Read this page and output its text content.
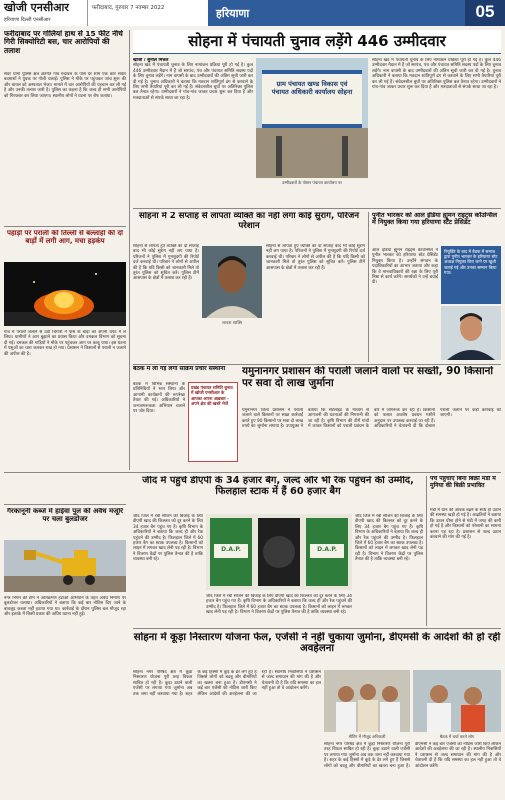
खोजी एनसीआर
हरियाणा दिल्ली एनसीआर
फरीदाबाद, गुरुवार 7 नवम्बर 2022	हरियाणा	05
फरीदाबाद पर गोलियां हाथ से 15 फीट नीचे गिरी सिक्योरिटी बस, चार आरोपियों की तलाश
सदर थाना पुलिस क्षेत्र अंतर्गत गांव रुदावल के पास देर शाम एक कार सवार बदमाशों ने युवक पर गोली चलाई। पुलिस ने मौके पर पहुंचकर जांच शुरू की और घायल को अस्पताल भेजा। मामले में चार आरोपियों की पहचान कर ली गई है और उनकी तलाश जारी है। पुलिस का कहना है कि जल्द ही सभी आरोपियों को गिरफ्तार कर लिया जाएगा। स्थानीय लोगों ने घटना पर रोष जताया।
पहाड़ों पर पराली की तिल्ली से बल्लाहों की दो बाड़ों में लगी आग, मचा हड़कंप
गांव में पराली जलाने से उठी चिंगारी ने पास के बाड़ों को अपनी चपेट में ले लिया। ग्रामीणों ने आग बुझाने का प्रयास किया और दमकल विभाग को सूचना दी गई। दमकल की गाड़ियों ने मौके पर पहुंचकर आग पर काबू पाया। इस घटना में पशुओं का चारा जलकर राख हो गया। प्रशासन ने किसानों से पराली न जलाने की अपील की है।
गैरकानूनी कब्जे में हाईवा पुल की अवैध मंजूरि पर चला बुलडोजर
नगर निगम की टीम ने अतिक्रमण हटाओ अभियान के तहत अवैध निर्माण पर बुलडोजर चलाया। अधिकारियों ने बताया कि कई बार नोटिस दिए जाने के बावजूद कब्जा नहीं हटाया गया था। कार्रवाई के दौरान पुलिस बल मौजूद रहा और इलाके में किसी प्रकार की अप्रिय घटना नहीं हुई।
सोहना में पंचायती चुनाव लड़ेंगे 446 उम्मीदवार
खोजी / सुनील मित्तल
सोहना खंड में पंचायती चुनाव के लिए नामांकन प्रक्रिया पूरी हो गई है। कुल 446 उम्मीदवार मैदान में हैं जो सरपंच, पंच और पंचायत समिति सदस्य पदों के लिए चुनाव लड़ेंगे। नाम वापसी के बाद उम्मीदवारों की अंतिम सूची जारी कर दी गई है। चुनाव अधिकारी ने बताया कि मतदान शांतिपूर्ण ढंग से करवाने के लिए सभी तैयारियां पूरी कर ली गई हैं। संवेदनशील बूथों पर अतिरिक्त पुलिस बल तैनात रहेगा। उम्मीदवारों ने गांव-गांव जाकर प्रचार शुरू कर दिया है और मतदाताओं से संपर्क साधा जा रहा है।
ग्राम पंचायत खण्ड विकास एवं पंचायत अधिकारी कार्यालय सोहना
उम्मीदवारों के पोस्टर पंचायत कार्यालय पर
सोहना खंड में पंचायती चुनाव के लिए नामांकन प्रक्रिया पूरी हो गई है। कुल 446 उम्मीदवार मैदान में हैं जो सरपंच, पंच और पंचायत समिति सदस्य पदों के लिए चुनाव लड़ेंगे। नाम वापसी के बाद उम्मीदवारों की अंतिम सूची जारी कर दी गई है। चुनाव अधिकारी ने बताया कि मतदान शांतिपूर्ण ढंग से करवाने के लिए सभी तैयारियां पूरी कर ली गई हैं। संवेदनशील बूथों पर अतिरिक्त पुलिस बल तैनात रहेगा। उम्मीदवारों ने गांव-गांव जाकर प्रचार शुरू कर दिया है और मतदाताओं से संपर्क साधा जा रहा है।
सोहना में 2 सप्ताह से लापता व्यक्ति का नहीं लगा कोई सुराग, परिजन परेशान
सोहना से लापता हुए व्यक्ति का दो सप्ताह बाद भी कोई सुराग नहीं लग पाया है। परिजनों ने पुलिस में गुमशुदगी की रिपोर्ट दर्ज करवाई थी। परिवार ने लोगों से अपील की है कि यदि किसी को जानकारी मिले तो तुरंत पुलिस को सूचित करें। पुलिस टीमें आसपास के क्षेत्रों में तलाश कर रही हैं।
लापता व्यक्ति
सोहना से लापता हुए व्यक्ति का दो सप्ताह बाद भी कोई सुराग नहीं लग पाया है। परिजनों ने पुलिस में गुमशुदगी की रिपोर्ट दर्ज करवाई थी। परिवार ने लोगों से अपील की है कि यदि किसी को जानकारी मिले तो तुरंत पुलिस को सूचित करें। पुलिस टीमें आसपास के क्षेत्रों में तलाश कर रही हैं।
पुनीत भारकर को आल इंडिया ह्यूमन राइट्स कॉउन्सिल में नियुक्त किया गया हरियाणा स्टेट प्रेसिडेंट
आल इंडिया ह्यूमन राइट्स कॉउन्सिल ने पुनीत भारकर को हरियाणा स्टेट प्रेसिडेंट नियुक्त किया है। उन्होंने संगठन के पदाधिकारियों का आभार जताया और कहा कि वे मानवाधिकारों की रक्षा के लिए पूरी निष्ठा से कार्य करेंगे। समर्थकों ने उन्हें बधाई दी।
नियुक्ति के बाद में बैठक में समाज द्वारा पुनीत भारकर के हरियाणा स्टेट अध्यक्ष नियुक्त किए जाने पर खुशी जताई गई और उनका सम्मान किया गया।
बैठक में ली गई लगा सक्रिय प्रचार संस्थानों
बैठक में विभिन्न संस्थानों के प्रतिनिधियों ने भाग लिया और आगामी कार्यक्रमों की रूपरेखा तैयार की गई। अधिकारियों ने जनजागरूकता अभियान चलाने पर जोर दिया।
प्रखंड पंचायत समिति चुनाव में खोजी एनसीआर के आपका अपना अख़बार - अपने क्षेत्र की खबरें भेजें
यमुनानगर प्रशासन की पराली जलाने वालों पर सख्ती, 90 किसानों पर सवा दो लाख जुर्माना
यमुनानगर जिला प्रशासन ने पराली जलाने वाले किसानों पर सख्त कार्रवाई करते हुए 90 किसानों पर सवा दो लाख रुपये का जुर्माना लगाया है। उपायुक्त ने बताया कि सैटेलाइट के माध्यम से आगजनी की घटनाओं की निगरानी की जा रही है। कृषि विभाग की टीमें गांवों में जाकर किसानों को पराली प्रबंधन के बारे में जागरूक कर रही हैं। किसानों को फसल अवशेष प्रबंधन मशीनें अनुदान पर उपलब्ध करवाई जा रही हैं। अधिकारियों ने चेतावनी दी कि दोबारा पराली जलाने पर कड़ी कार्रवाई की जाएगी।
जींद में पहुंचे डीएपी के 34 हजार बैग, जल्द और भी रैक पहुंचने की उम्मीद, फिलहाल स्टाक में हैं 60 हजार बैग
जींद जिले में रबी सीजन की बिजाई के लिए डीएपी खाद की किल्लत को दूर करने के लिए 34 हजार बैग पहुंच गए हैं। कृषि विभाग के अधिकारियों ने बताया कि जल्द ही और रैक पहुंचने की उम्मीद है। फिलहाल जिले में 60 हजार बैग का स्टाक उपलब्ध है। किसानों को लाइन में लगकर खाद लेनी पड़ रही है। विभाग ने वितरण केंद्रों पर पुलिस तैनात की है ताकि व्यवस्था बनी रहे।
D.A.P.	D.A.P.
जींद जिले में रबी सीजन की बिजाई के लिए डीएपी खाद की किल्लत को दूर करने के लिए 34 हजार बैग पहुंच गए हैं। कृषि विभाग के अधिकारियों ने बताया कि जल्द ही और रैक पहुंचने की उम्मीद है। फिलहाल जिले में 60 हजार बैग का स्टाक उपलब्ध है। किसानों को लाइन में लगकर खाद लेनी पड़ रही है। विभाग ने वितरण केंद्रों पर पुलिस तैनात की है ताकि व्यवस्था बनी रहे।
जींद जिले में रबी सीजन की बिजाई के लिए डीएपी खाद की किल्लत को दूर करने के लिए 34 हजार बैग पहुंच गए हैं। कृषि विभाग के अधिकारियों ने बताया कि जल्द ही और रैक पहुंचने की उम्मीद है। फिलहाल जिले में 60 हजार बैग का स्टाक उपलब्ध है। किसानों को लाइन में लगकर खाद लेनी पड़ रही है। विभाग ने वितरण केंद्रों पर पुलिस तैनात की है ताकि व्यवस्था बनी रहे।
पंचे पहुंचाए बिना बिक्री मंडी में मुनिया की बिक्री प्रभावित
मंडी में धान की आवक बढ़ने के साथ ही उठान की समस्या खड़ी हो गई है। आढ़तियों ने बताया कि उठान धीमा होने से मंडी में जगह की कमी हो गई है और किसानों को परेशानी का सामना करना पड़ रहा है। प्रशासन से जल्द उठान करवाने की मांग की गई है।
सोहना में कूड़ा निस्तारण योजना फेल, एजेंसी ने नहीं चुकाया जुर्माना, डीएमसी के आदेशों की हो रही अवहेलना
सोहना नगर परिषद क्षेत्र में कूड़ा निस्तारण योजना पूरी तरह विफल साबित हो रही है। कूड़ा उठाने वाली एजेंसी पर लगाया गया जुर्माना अब तक जमा नहीं करवाया गया है। शहर के कई हिस्सों में कूड़े के ढेर लगे हुए हैं जिससे लोगों को बदबू और बीमारियों का खतरा बना हुआ है। डीएमसी ने कई बार एजेंसी को नोटिस जारी किए लेकिन आदेशों की अवहेलना की जा रही है। स्थानीय निवासियों ने प्रशासन से जल्द समाधान की मांग की है और चेतावनी दी है कि यदि समस्या का हल नहीं हुआ तो वे आंदोलन करेंगे।
मीटिंग में मौजूद अधिकारी	बैठक में चर्चा करते लोग
सोहना नगर परिषद क्षेत्र में कूड़ा निस्तारण योजना पूरी तरह विफल साबित हो रही है। कूड़ा उठाने वाली एजेंसी पर लगाया गया जुर्माना अब तक जमा नहीं करवाया गया है। शहर के कई हिस्सों में कूड़े के ढेर लगे हुए हैं जिससे लोगों को बदबू और बीमारियों का खतरा बना हुआ है। डीएमसी ने कई बार एजेंसी को नोटिस जारी किए लेकिन आदेशों की अवहेलना की जा रही है। स्थानीय निवासियों ने प्रशासन से जल्द समाधान की मांग की है और चेतावनी दी है कि यदि समस्या का हल नहीं हुआ तो वे आंदोलन करेंगे।
